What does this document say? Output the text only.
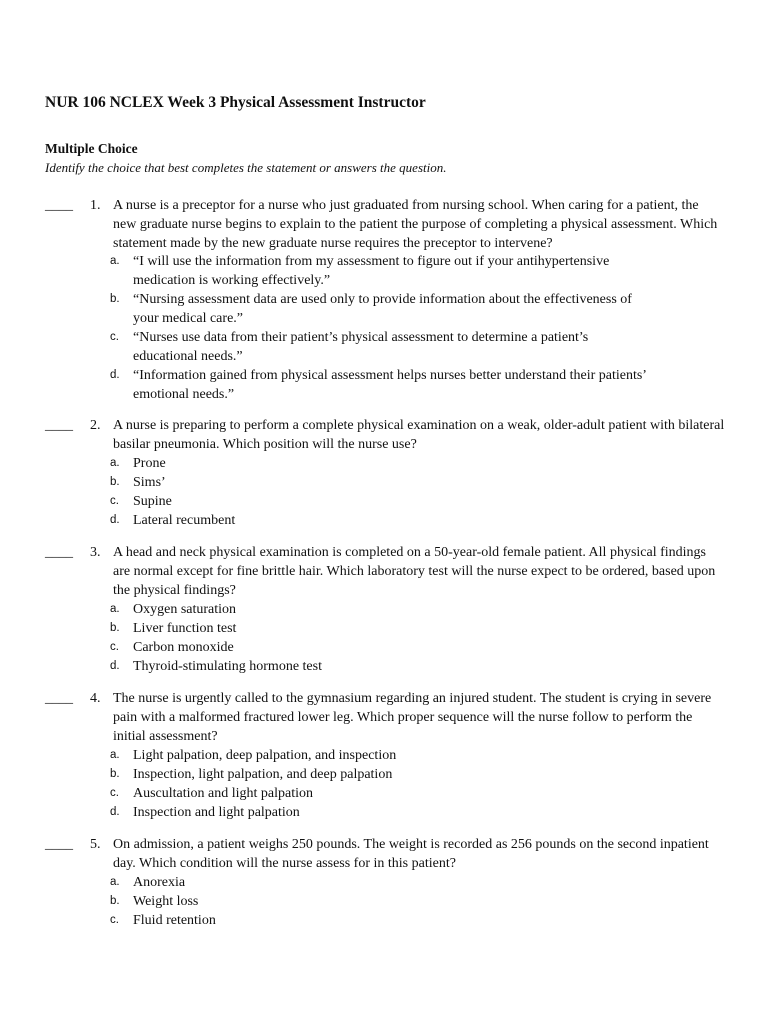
NUR 106 NCLEX Week 3 Physical Assessment Instructor
Multiple Choice
Identify the choice that best completes the statement or answers the question.
____ 1. A nurse is a preceptor for a nurse who just graduated from nursing school. When caring for a patient, the new graduate nurse begins to explain to the patient the purpose of completing a physical assessment. Which statement made by the new graduate nurse requires the preceptor to intervene?
a. “I will use the information from my assessment to figure out if your antihypertensive medication is working effectively.”
b. “Nursing assessment data are used only to provide information about the effectiveness of your medical care.”
c. “Nurses use data from their patient’s physical assessment to determine a patient’s educational needs.”
d. “Information gained from physical assessment helps nurses better understand their patients’ emotional needs.”
____ 2. A nurse is preparing to perform a complete physical examination on a weak, older-adult patient with bilateral basilar pneumonia. Which position will the nurse use?
a. Prone
b. Sims’
c. Supine
d. Lateral recumbent
____ 3. A head and neck physical examination is completed on a 50-year-old female patient. All physical findings are normal except for fine brittle hair. Which laboratory test will the nurse expect to be ordered, based upon the physical findings?
a. Oxygen saturation
b. Liver function test
c. Carbon monoxide
d. Thyroid-stimulating hormone test
____ 4. The nurse is urgently called to the gymnasium regarding an injured student. The student is crying in severe pain with a malformed fractured lower leg. Which proper sequence will the nurse follow to perform the initial assessment?
a. Light palpation, deep palpation, and inspection
b. Inspection, light palpation, and deep palpation
c. Auscultation and light palpation
d. Inspection and light palpation
____ 5. On admission, a patient weighs 250 pounds. The weight is recorded as 256 pounds on the second inpatient day. Which condition will the nurse assess for in this patient?
a. Anorexia
b. Weight loss
c. Fluid retention
